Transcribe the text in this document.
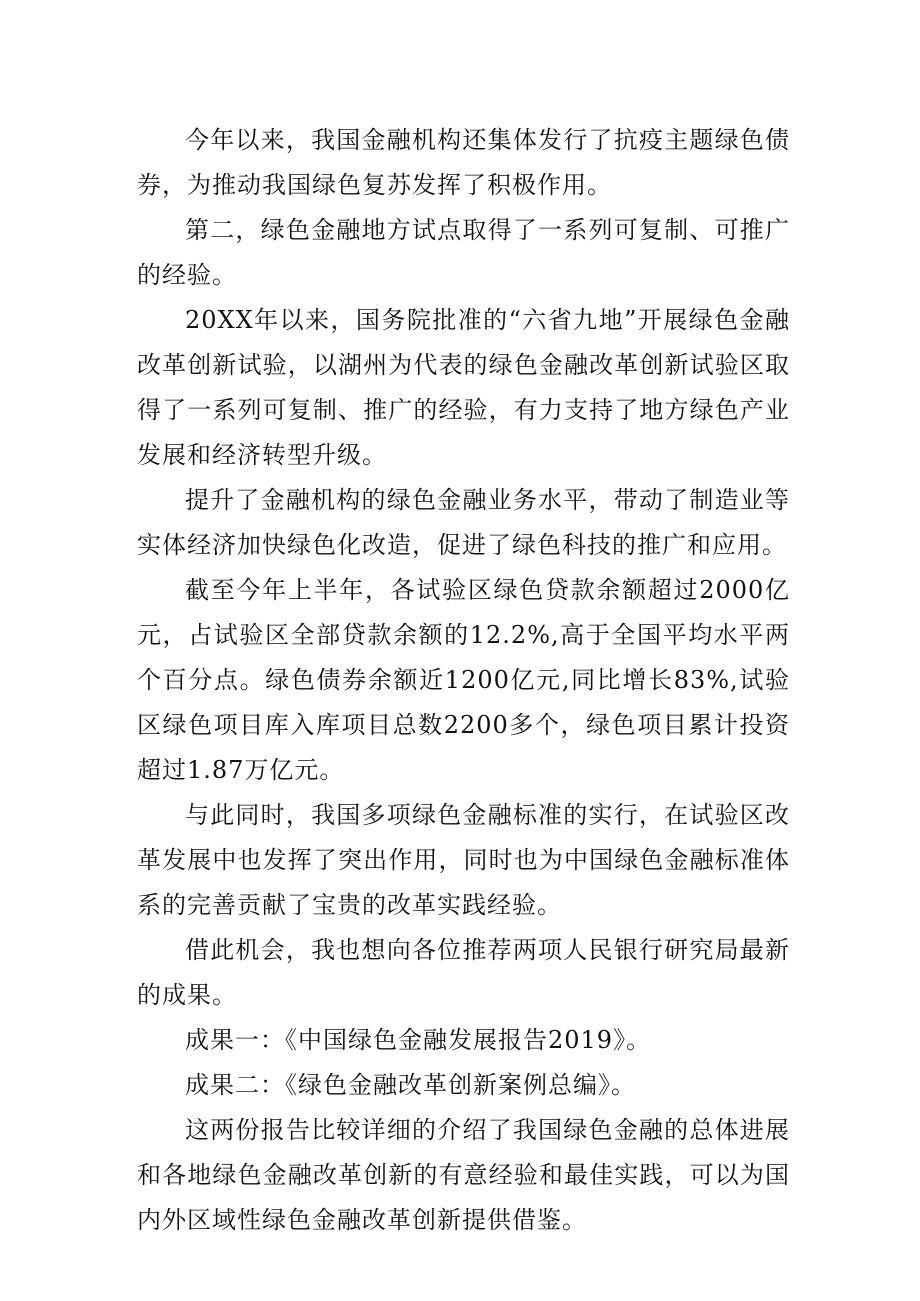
今年以来，我国金融机构还集体发行了抗疫主题绿色债券，为推动我国绿色复苏发挥了积极作用。

第二，绿色金融地方试点取得了一系列可复制、可推广的经验。

20XX年以来，国务院批准的“六省九地”开展绿色金融改革创新试验，以湖州为代表的绿色金融改革创新试验区取得了一系列可复制、推广的经验，有力支持了地方绿色产业发展和经济转型升级。

提升了金融机构的绿色金融业务水平，带动了制造业等实体经济加快绿色化改造，促进了绿色科技的推广和应用。

截至今年上半年，各试验区绿色贷款余额超过2000亿元，占试验区全部贷款余额的12.2%,高于全国平均水平两个百分点。绿色债券余额近1200亿元,同比增长83%,试验区绿色项目库入库项目总数2200多个，绿色项目累计投资超过1.87万亿元。

与此同时，我国多项绿色金融标准的实行，在试验区改革发展中也发挥了突出作用，同时也为中国绿色金融标准体系的完善贡献了宝贵的改革实践经验。

借此机会，我也想向各位推荐两项人民银行研究局最新的成果。

成果一：《中国绿色金融发展报告2019》。

成果二：《绿色金融改革创新案例总编》。

这两份报告比较详细的介绍了我国绿色金融的总体进展和各地绿色金融改革创新的有意经验和最佳实践，可以为国内外区域性绿色金融改革创新提供借鉴。
